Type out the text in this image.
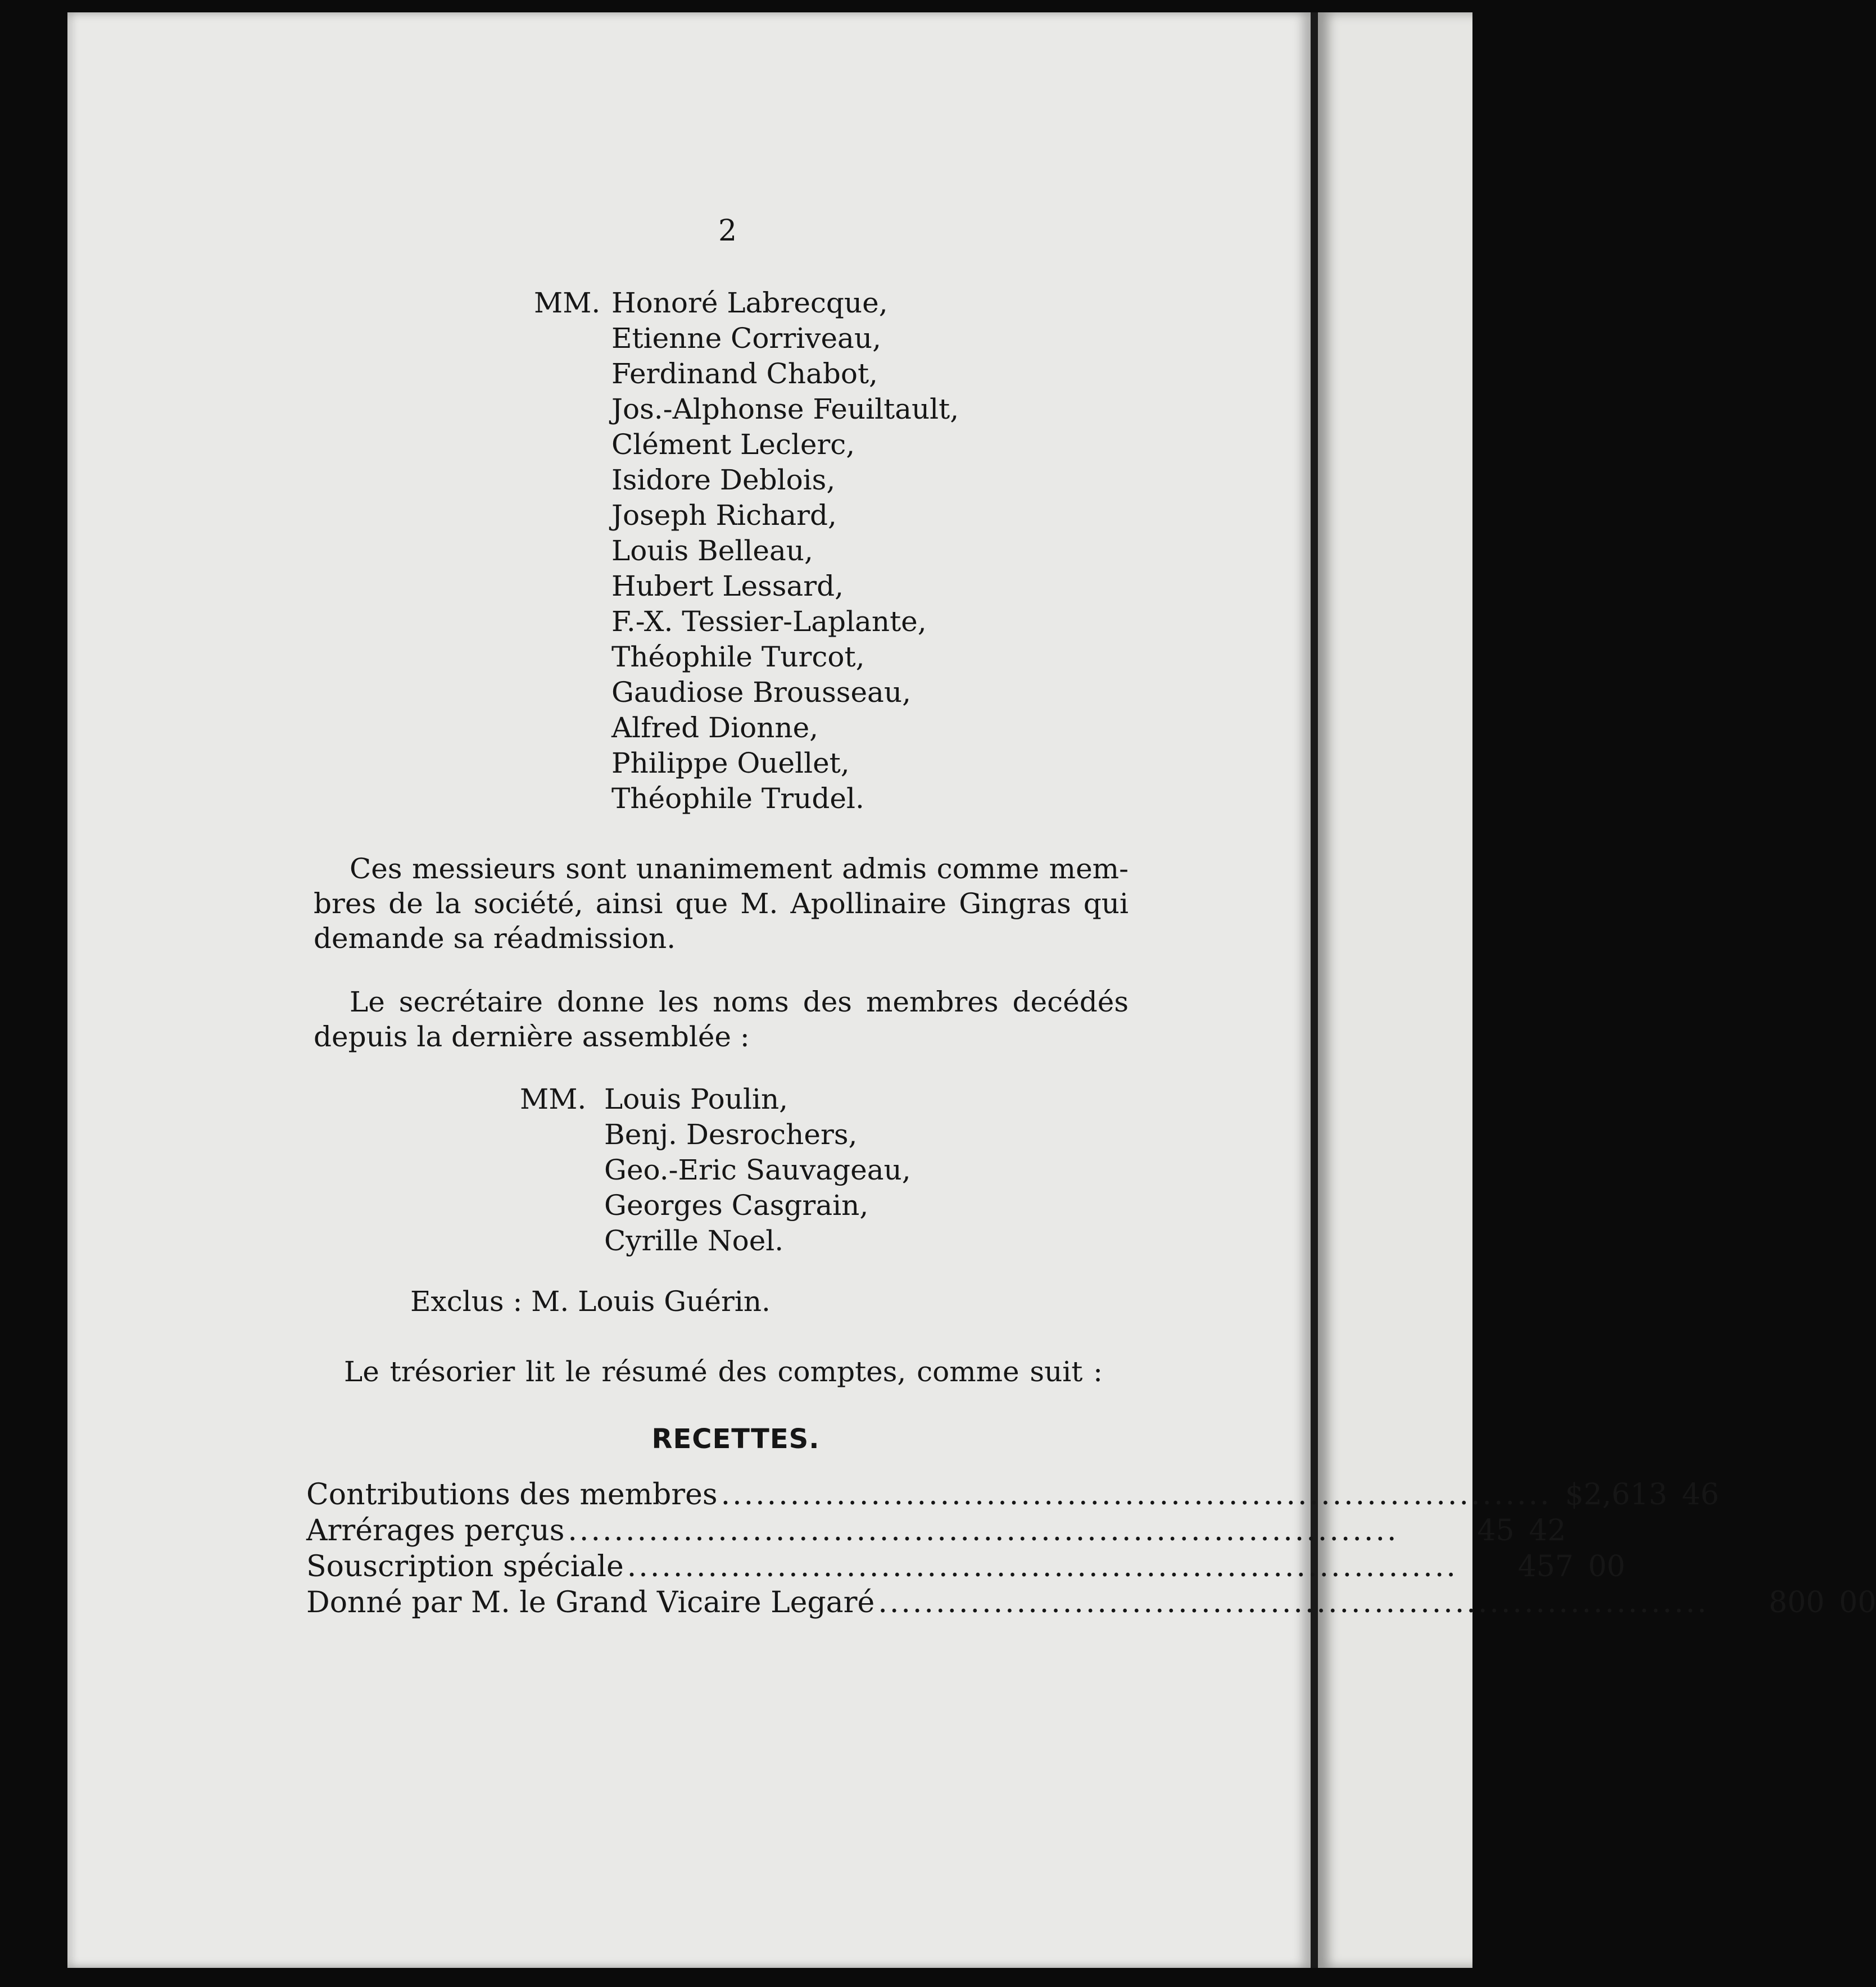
2
MM. Honoré Labrecque,
Etienne Corriveau,
Ferdinand Chabot,
Jos.-Alphonse Feuiltault,
Clément Leclerc,
Isidore Deblois,
Joseph Richard,
Louis Belleau,
Hubert Lessard,
F.-X. Tessier-Laplante,
Théophile Turcot,
Gaudiose Brousseau,
Alfred Dionne,
Philippe Ouellet,
Théophile Trudel.
Ces messieurs sont unanimement admis comme mem-
bres de la société, ainsi que M. Apollinaire Gingras qui
demande sa réadmission.
Le secrétaire donne les noms des membres decédés
depuis la dernière assemblée :
MM. Louis Poulin,
Benj. Desrochers,
Geo.-Eric Sauvageau,
Georges Casgrain,
Cyrille Noel.
Exclus : M. Louis Guérin.
Le trésorier lit le résumé des comptes, comme suit :
RECETTES.
Contributions des membres ........................................................................ $2,613 46
Arrérages perçus ........................................................................	45 42
Souscription spéciale ........................................................................	457 00
Donné par M. le Grand Vicaire Legaré ........................................................................	800 00
